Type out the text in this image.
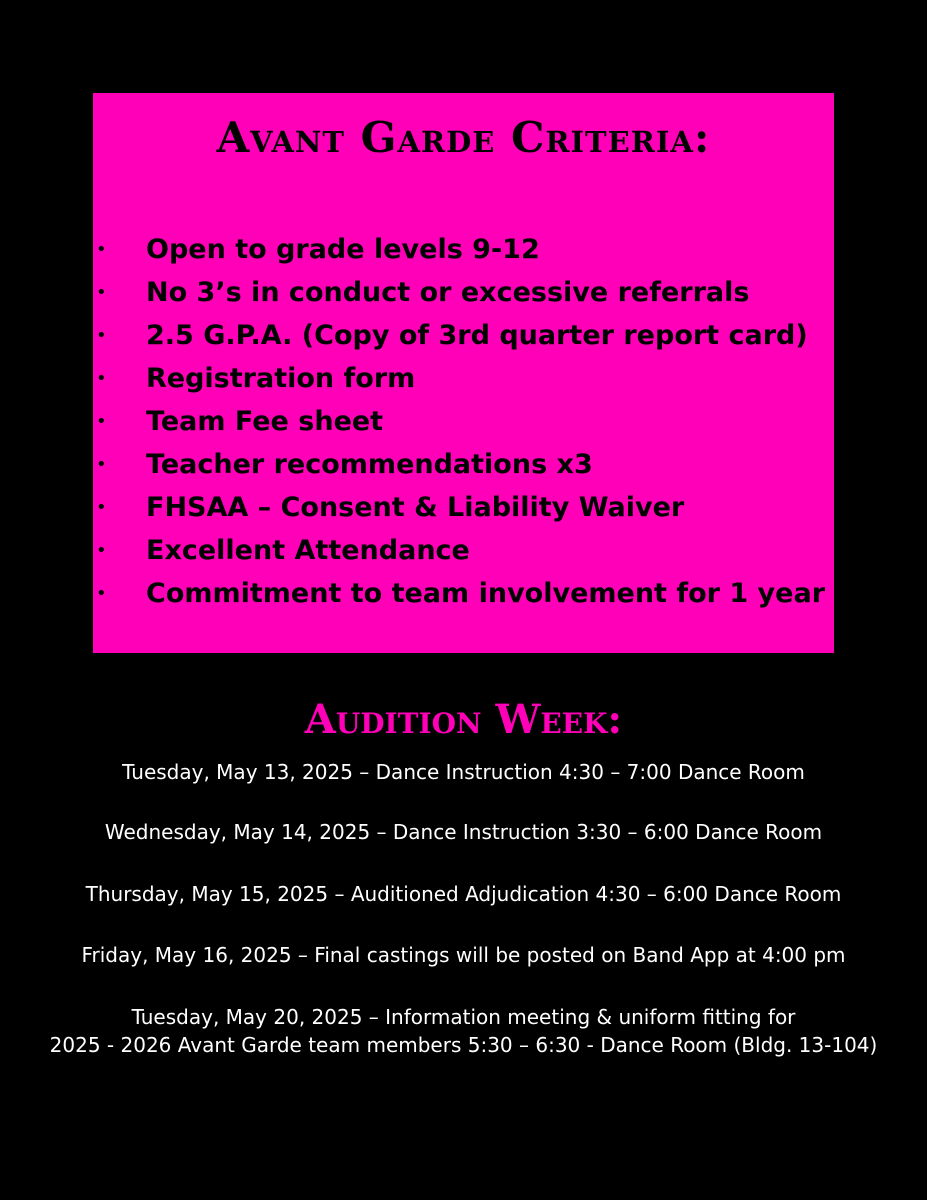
Avant Garde Criteria:
• Open to grade levels 9-12
• No 3’s in conduct or excessive referrals
• 2.5 G.P.A. (Copy of 3rd quarter report card)
• Registration form
• Team Fee sheet
• Teacher recommendations x3
• FHSAA – Consent & Liability Waiver
• Excellent Attendance
• Commitment to team involvement for 1 year
Audition Week:
Tuesday, May 13, 2025 – Dance Instruction 4:30 – 7:00 Dance Room
Wednesday, May 14, 2025 – Dance Instruction 3:30 – 6:00 Dance Room
Thursday, May 15, 2025 – Auditioned Adjudication 4:30 – 6:00 Dance Room
Friday, May 16, 2025 – Final castings will be posted on Band App at 4:00 pm
Tuesday, May 20, 2025 – Information meeting & uniform fitting for
2025 - 2026 Avant Garde team members 5:30 – 6:30 - Dance Room (Bldg. 13-104)
